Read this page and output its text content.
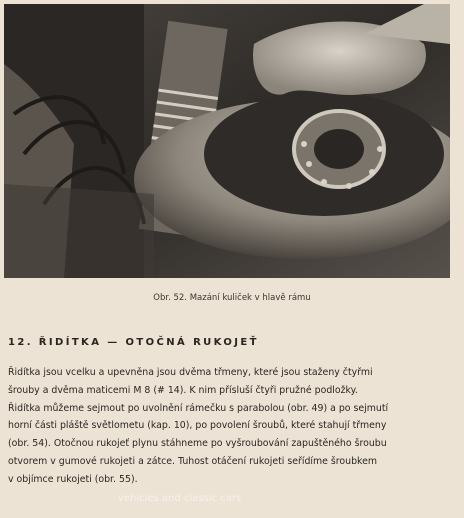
Obr. 52. Mazání kuliček v hlavě rámu
12. ŘIDÍTKA — OTOČNÁ RUKOJEŤ
Řidítka jsou vcelku a upevněna jsou dvěma třmeny, které jsou staženy čtyřmi
šrouby a dvěma maticemi M 8 (# 14). K nim přísluší čtyři pružné podložky.
Řidítka můžeme sejmout po uvolnění rámečku s parabolou (obr. 49) a po sejmutí
horní části pláště světlometu (kap. 10), po povolení šroubů, které stahují třmeny
(obr. 54). Otočnou rukojeť plynu stáhneme po vyšroubování zapuštěného šroubu
otvorem v gumové rukojeti a zátce. Tuhost otáčení rukojeti seřídíme šroubkem
v objímce rukojeti (obr. 55).
vehicles and classic cars
